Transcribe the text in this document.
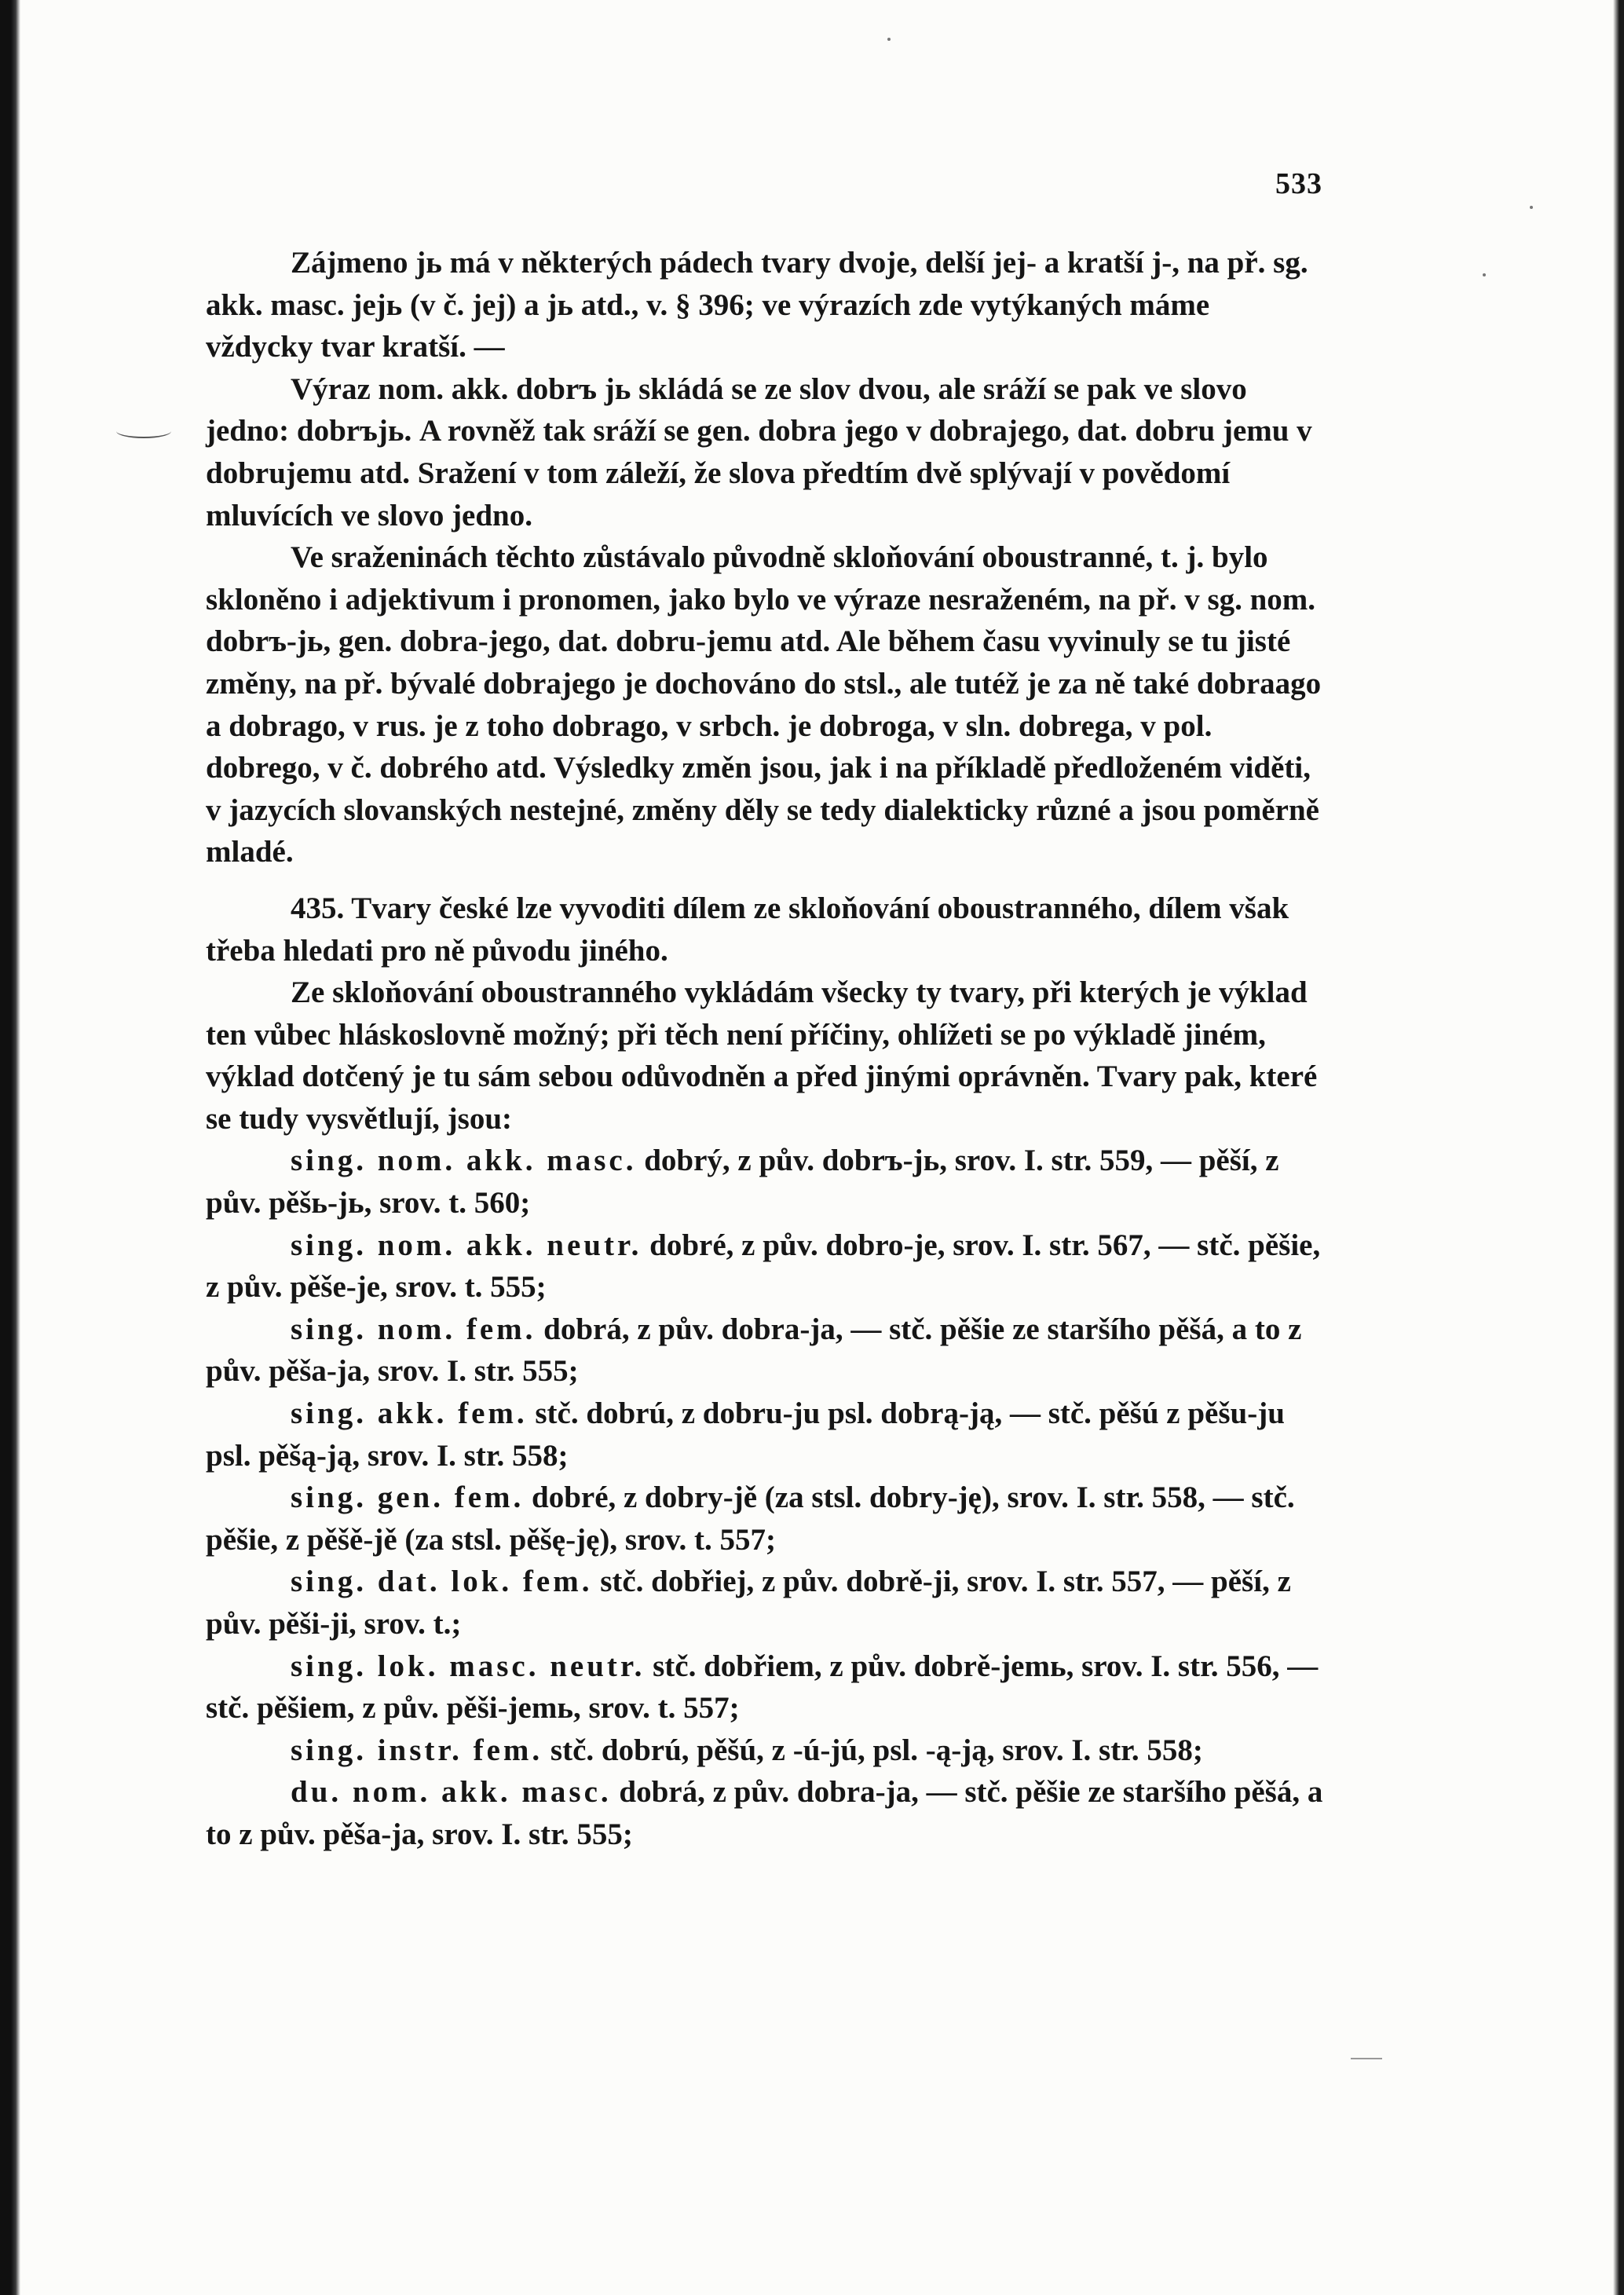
533

Zájmeno jь má v některých pádech tvary dvoje, delší jej- a kratší j-, na př. sg. akk. masc. jejь (v č. jej) a jь atd., v. § 396; ve výrazích zde vytýkaných máme vždycky tvar kratší. —

Výraz nom. akk. dobrъ jь skládá se ze slov dvou, ale sráží se pak ve slovo jedno: dobrъjь. A rovněž tak sráží se gen. dobra jego v dobrajego, dat. dobru jemu v dobrujemu atd. Sražení v tom záleží, že slova předtím dvě splývají v povědomí mluvících ve slovo jedno.

Ve sraženinách těchto zůstávalo původně skloňování oboustranné, t. j. bylo skloněno i adjektivum i pronomen, jako bylo ve výraze nesraženém, na př. v sg. nom. dobrъ-jь, gen. dobra-jego, dat. dobru-jemu atd. Ale během času vyvinuly se tu jisté změny, na př. bývalé dobrajego je dochováno do stsl., ale tutéž je za ně také dobraago a dobrago, v rus. je z toho dobrago, v srbch. je dobroga, v sln. dobrega, v pol. dobrego, v č. dobrého atd. Výsledky změn jsou, jak i na příkladě předloženém viděti, v jazycích slovanských nestejné, změny děly se tedy dialekticky různé a jsou poměrně mladé.

435. Tvary české lze vyvoditi dílem ze skloňování oboustranného, dílem však třeba hledati pro ně původu jiného.

Ze skloňování oboustranného vykládám všecky ty tvary, při kterých je výklad ten vůbec hláskoslovně možný; při těch není příčiny, ohlížeti se po výkladě jiném, výklad dotčený je tu sám sebou odůvodněn a před jinými oprávněn. Tvary pak, které se tudy vysvětlují, jsou:

sing. nom. akk. masc. dobrý, z pův. dobrъ-jь, srov. I. str. 559, — pěší, z pův. pěšь-jь, srov. t. 560;

sing. nom. akk. neutr. dobré, z pův. dobro-je, srov. I. str. 567, — stč. pěšie, z pův. pěše-je, srov. t. 555;

sing. nom. fem. dobrá, z pův. dobra-ja, — stč. pěšie ze staršího pěšá, a to z pův. pěša-ja, srov. I. str. 555;

sing. akk. fem. stč. dobrú, z dobru-ju psl. dobrą-ją, — stč. pěšú z pěšu-ju psl. pěšą-ją, srov. I. str. 558;

sing. gen. fem. dobré, z dobry-jě (za stsl. dobry-ję), srov. I. str. 558, — stč. pěšie, z pěšě-jě (za stsl. pěšę-ję), srov. t. 557;

sing. dat. lok. fem. stč. dobřiej, z pův. dobrě-ji, srov. I. str. 557, — pěší, z pův. pěši-ji, srov. t.;

sing. lok. masc. neutr. stč. dobřiem, z pův. dobrě-jemь, srov. I. str. 556, — stč. pěšiem, z pův. pěši-jemь, srov. t. 557;

sing. instr. fem. stč. dobrú, pěšú, z -ú-jú, psl. -ą-ją, srov. I. str. 558;

du. nom. akk. masc. dobrá, z pův. dobra-ja, — stč. pěšie ze staršího pěšá, a to z pův. pěša-ja, srov. I. str. 555;
